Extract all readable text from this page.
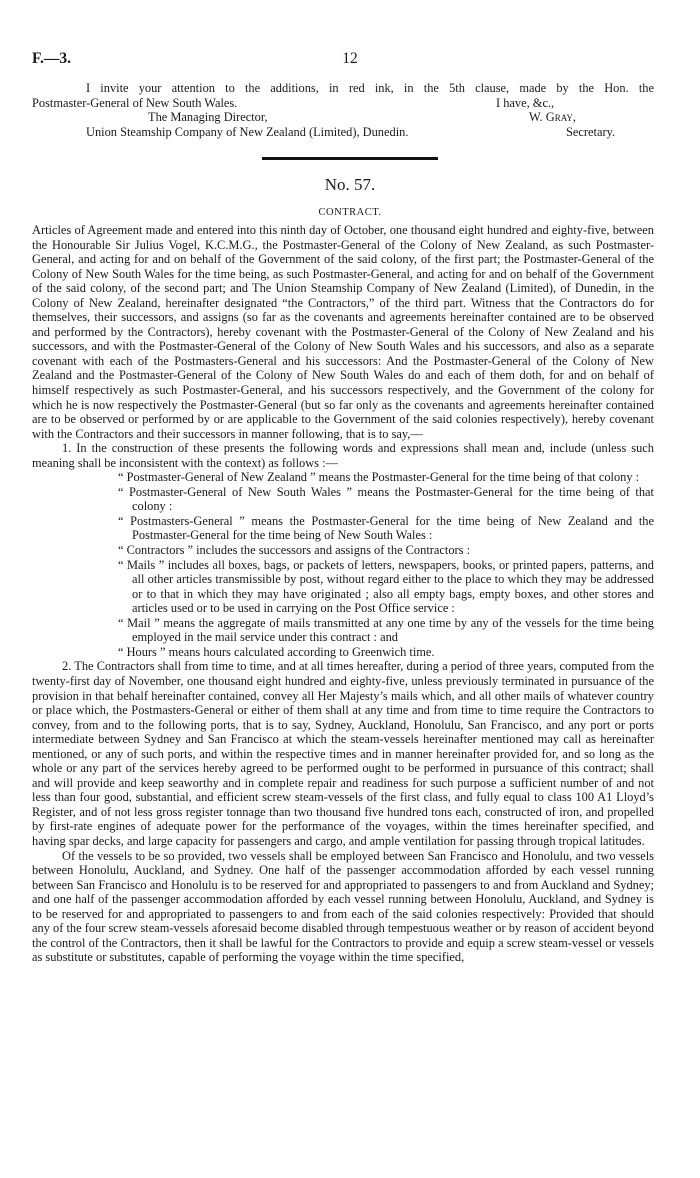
F.—3.	12
I invite your attention to the additions, in red ink, in the 5th clause, made by the Hon. the
Postmaster-General of New South Wales.	I have, &c.,
The Managing Director,	W. Gray,
Union Steamship Company of New Zealand (Limited), Dunedin.	Secretary.
No. 57.
CONTRACT.

Articles of Agreement made and entered into this ninth day of October, one thousand eight hundred and eighty-five, between the Honourable Sir Julius Vogel, K.C.M.G., the Postmaster-General of the Colony of New Zealand, as such Postmaster-General, and acting for and on behalf of the Government of the said colony, of the first part; the Postmaster-General of the Colony of New South Wales for the time being, as such Postmaster-General, and acting for and on behalf of the Government of the said colony, of the second part; and The Union Steamship Company of New Zealand (Limited), of Dunedin, in the Colony of New Zealand, hereinafter designated “the Contractors,” of the third part. Witness that the Contractors do for themselves, their successors, and assigns (so far as the covenants and agreements hereinafter contained are to be observed and performed by the Contractors), hereby covenant with the Postmaster-General of the Colony of New Zealand and his successors, and with the Postmaster-General of the Colony of New South Wales and his successors, and also as a separate covenant with each of the Postmasters-General and his successors: And the Postmaster-General of the Colony of New Zealand and the Postmaster-General of the Colony of New South Wales do and each of them doth, for and on behalf of himself respectively as such Postmaster-General, and his successors respectively, and the Government of the colony for which he is now respectively the Postmaster-General (but so far only as the covenants and agreements hereinafter contained are to be observed or performed by or are applicable to the Government of the said colonies respectively), hereby covenant with the Contractors and their successors in manner following, that is to say,—

1. In the construction of these presents the following words and expressions shall mean and, include (unless such meaning shall be inconsistent with the context) as follows :—

“ Postmaster-General of New Zealand ” means the Postmaster-General for the time being of that colony :

“ Postmaster-General of New South Wales ” means the Postmaster-General for the time being of that colony :

“ Postmasters-General ” means the Postmaster-General for the time being of New Zealand and the Postmaster-General for the time being of New South Wales :

“ Contractors ” includes the successors and assigns of the Contractors :

“ Mails ” includes all boxes, bags, or packets of letters, newspapers, books, or printed papers, patterns, and all other articles transmissible by post, without regard either to the place to which they may be addressed or to that in which they may have originated ; also all empty bags, empty boxes, and other stores and articles used or to be used in carrying on the Post Office service :

“ Mail ” means the aggregate of mails transmitted at any one time by any of the vessels for the time being employed in the mail service under this contract : and

“ Hours ” means hours calculated according to Greenwich time.

2. The Contractors shall from time to time, and at all times hereafter, during a period of three years, computed from the twenty-first day of November, one thousand eight hundred and eighty-five, unless previously terminated in pursuance of the provision in that behalf hereinafter contained, convey all Her Majesty’s mails which, and all other mails of whatever country or place which, the Postmasters-General or either of them shall at any time and from time to time require the Contractors to convey, from and to the following ports, that is to say, Sydney, Auckland, Honolulu, San Francisco, and any port or ports intermediate between Sydney and San Francisco at which the steam-vessels hereinafter mentioned may call as hereinafter mentioned, or any of such ports, and within the respective times and in manner hereinafter provided for, and so long as the whole or any part of the services hereby agreed to be performed ought to be performed in pursuance of this contract; shall and will provide and keep seaworthy and in complete repair and readiness for such purpose a sufficient number of and not less than four good, substantial, and efficient screw steam-vessels of the first class, and fully equal to class 100 A1 Lloyd’s Register, and of not less gross register tonnage than two thousand five hundred tons each, constructed of iron, and propelled by first-rate engines of adequate power for the performance of the voyages, within the times hereinafter specified, and having spar decks, and large capacity for passengers and cargo, and ample ventilation for passing through tropical latitudes.

Of the vessels to be so provided, two vessels shall be employed between San Francisco and Honolulu, and two vessels between Honolulu, Auckland, and Sydney. One half of the passenger accommodation afforded by each vessel running between San Francisco and Honolulu is to be reserved for and appropriated to passengers to and from Auckland and Sydney; and one half of the passenger accommodation afforded by each vessel running between Honolulu, Auckland, and Sydney is to be reserved for and appropriated to passengers to and from each of the said colonies respectively: Provided that should any of the four screw steam-vessels aforesaid become disabled through tempestuous weather or by reason of accident beyond the control of the Contractors, then it shall be lawful for the Contractors to provide and equip a screw steam-vessel or vessels as substitute or substitutes, capable of performing the voyage within the time specified,
